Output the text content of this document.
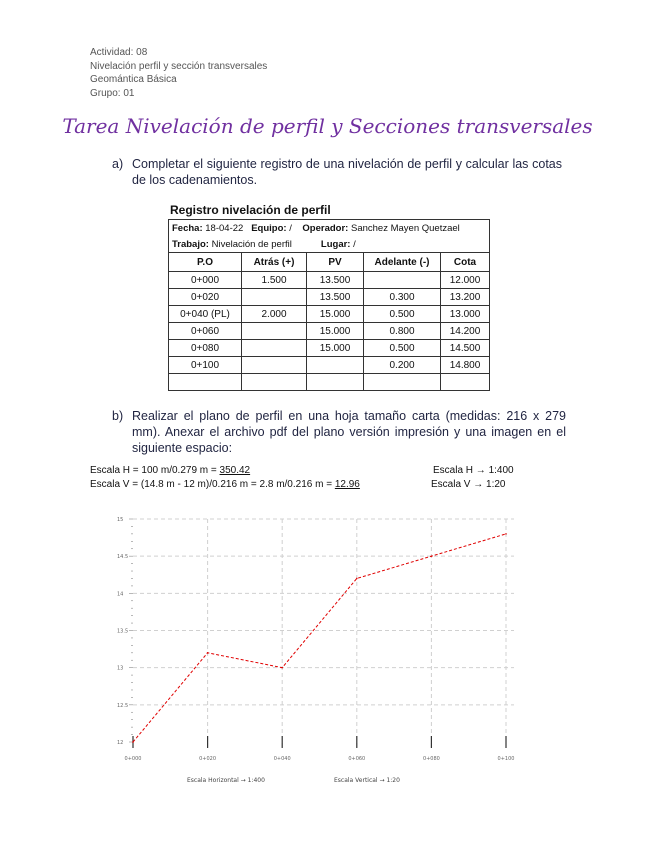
Actividad: 08
Nivelación perfil y sección transversales
Geomántica Básica
Grupo: 01
Tarea Nivelación de perfil y Secciones transversales
a) Completar el siguiente registro de una nivelación de perfil y calcular las cotas de los cadenamientos.
Registro nivelación de perfil
Fecha: 18-04-22 Equipo: / Operador: Sanchez Mayen Quetzael				
Trabajo: Nivelación de perfil Lugar: /				
P.O	Atrás (+)	PV	Adelante (-)	Cota
0+000	1.500	13.500		12.000
0+020		13.500	0.300	13.200
0+040 (PL)	2.000	15.000	0.500	13.000
0+060		15.000	0.800	14.200
0+080		15.000	0.500	14.500
0+100			0.200	14.800

b) Realizar el plano de perfil en una hoja tamaño carta (medidas: 216 x 279 mm). Anexar el archivo pdf del plano versión impresión y una imagen en el siguiente espacio:
Escala H = 100 m/0.279 m = 350.42	Escala H → 1:400
Escala V = (14.8 m - 12 m)/0.216 m = 2.8 m/0.216 m = 12.96	Escala V → 1:20
12
12.5
13
13.5
14
14.5
15
0+000	0+020	0+040	0+060	0+080	0+100
Escala Horizontal → 1:400	Escala Vertical → 1:20
